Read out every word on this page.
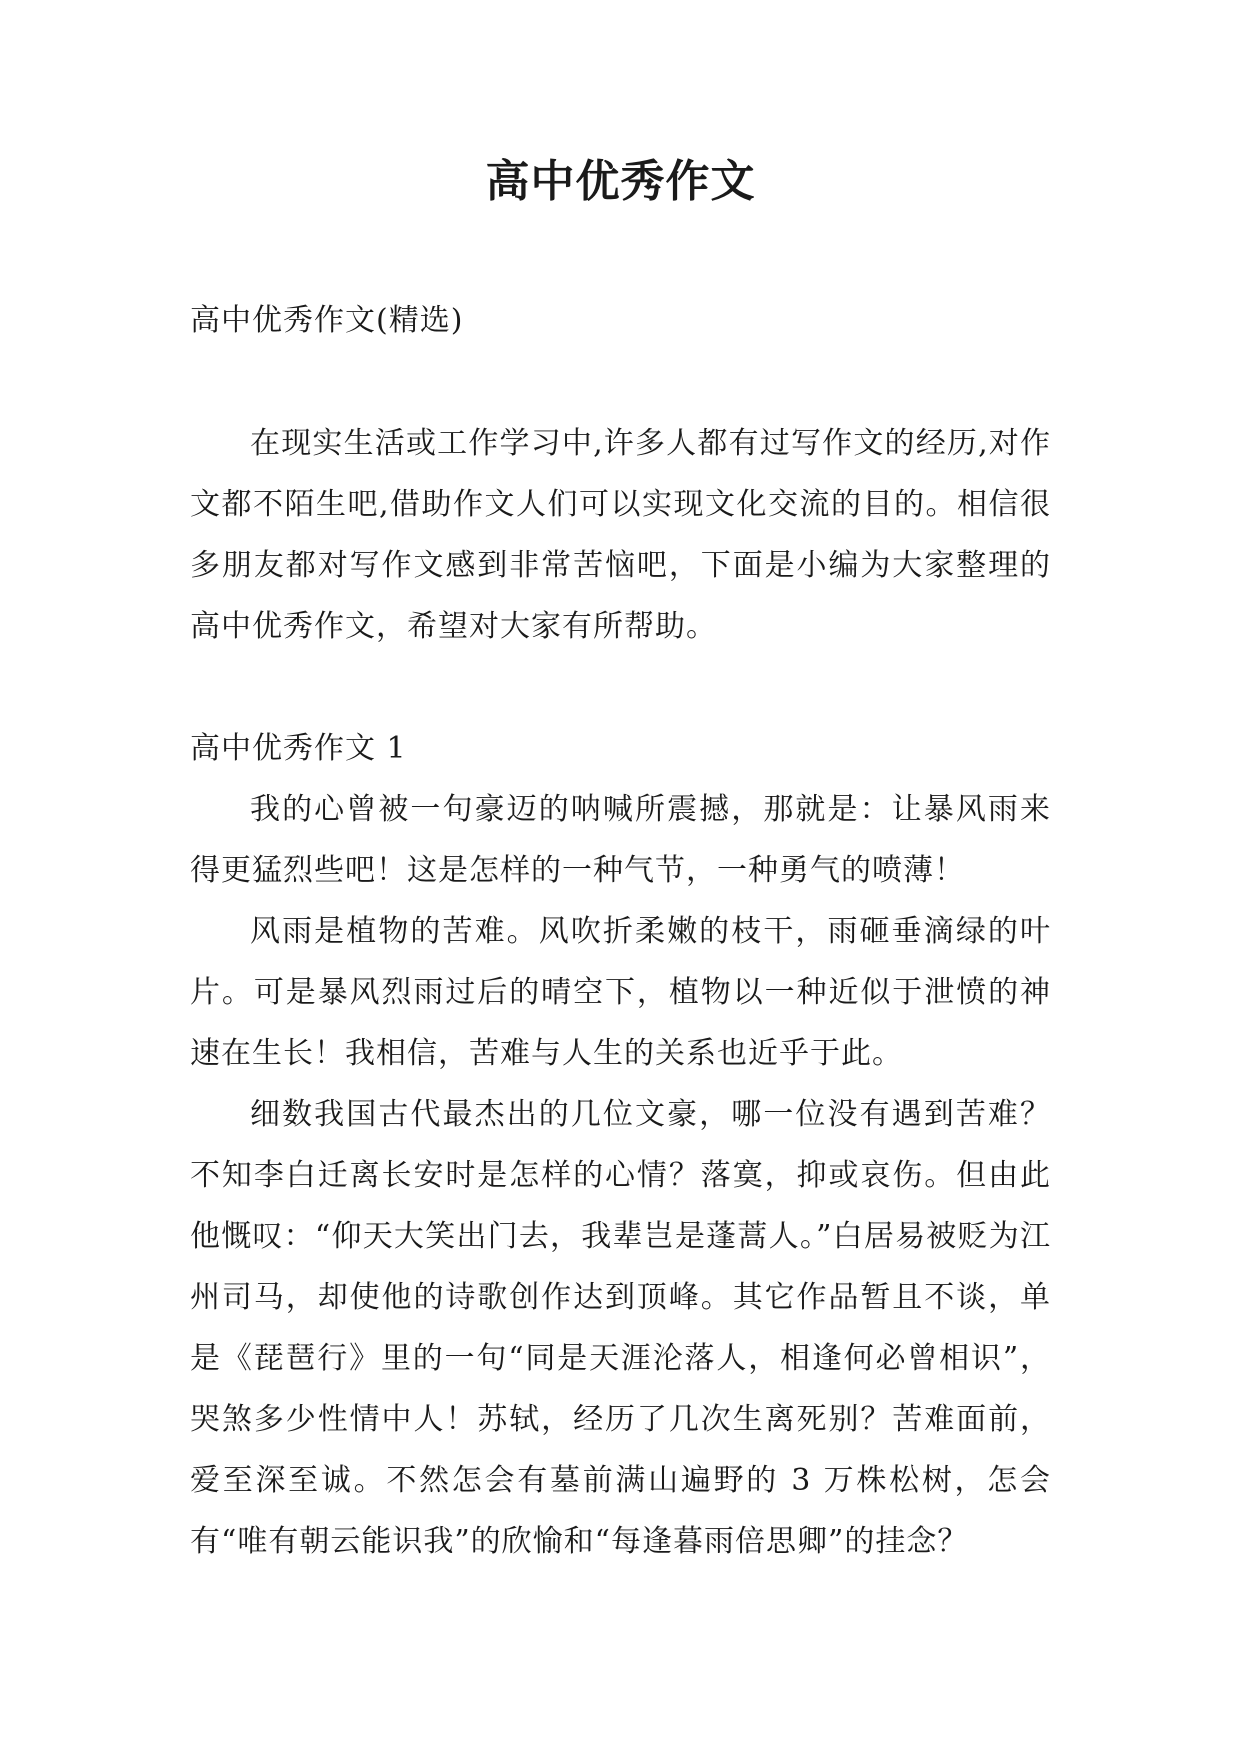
高中优秀作文

高中优秀作文(精选)

在现实生活或工作学习中,许多人都有过写作文的经历,对作文都不陌生吧,借助作文人们可以实现文化交流的目的。相信很多朋友都对写作文感到非常苦恼吧，下面是小编为大家整理的高中优秀作文，希望对大家有所帮助。

高中优秀作文 1

我的心曾被一句豪迈的呐喊所震撼，那就是：让暴风雨来得更猛烈些吧！这是怎样的一种气节，一种勇气的喷薄！

风雨是植物的苦难。风吹折柔嫩的枝干，雨砸垂滴绿的叶片。可是暴风烈雨过后的晴空下，植物以一种近似于泄愤的神速在生长！我相信，苦难与人生的关系也近乎于此。

细数我国古代最杰出的几位文豪，哪一位没有遇到苦难？不知李白迁离长安时是怎样的心情？落寞，抑或哀伤。但由此他慨叹：“仰天大笑出门去，我辈岂是蓬蒿人。”白居易被贬为江州司马，却使他的诗歌创作达到顶峰。其它作品暂且不谈，单是《琵琶行》里的一句“同是天涯沦落人，相逢何必曾相识”，哭煞多少性情中人！苏轼，经历了几次生离死别？苦难面前，爱至深至诚。不然怎会有墓前满山遍野的 3 万株松树，怎会有“唯有朝云能识我”的欣愉和“每逢暮雨倍思卿”的挂念？
